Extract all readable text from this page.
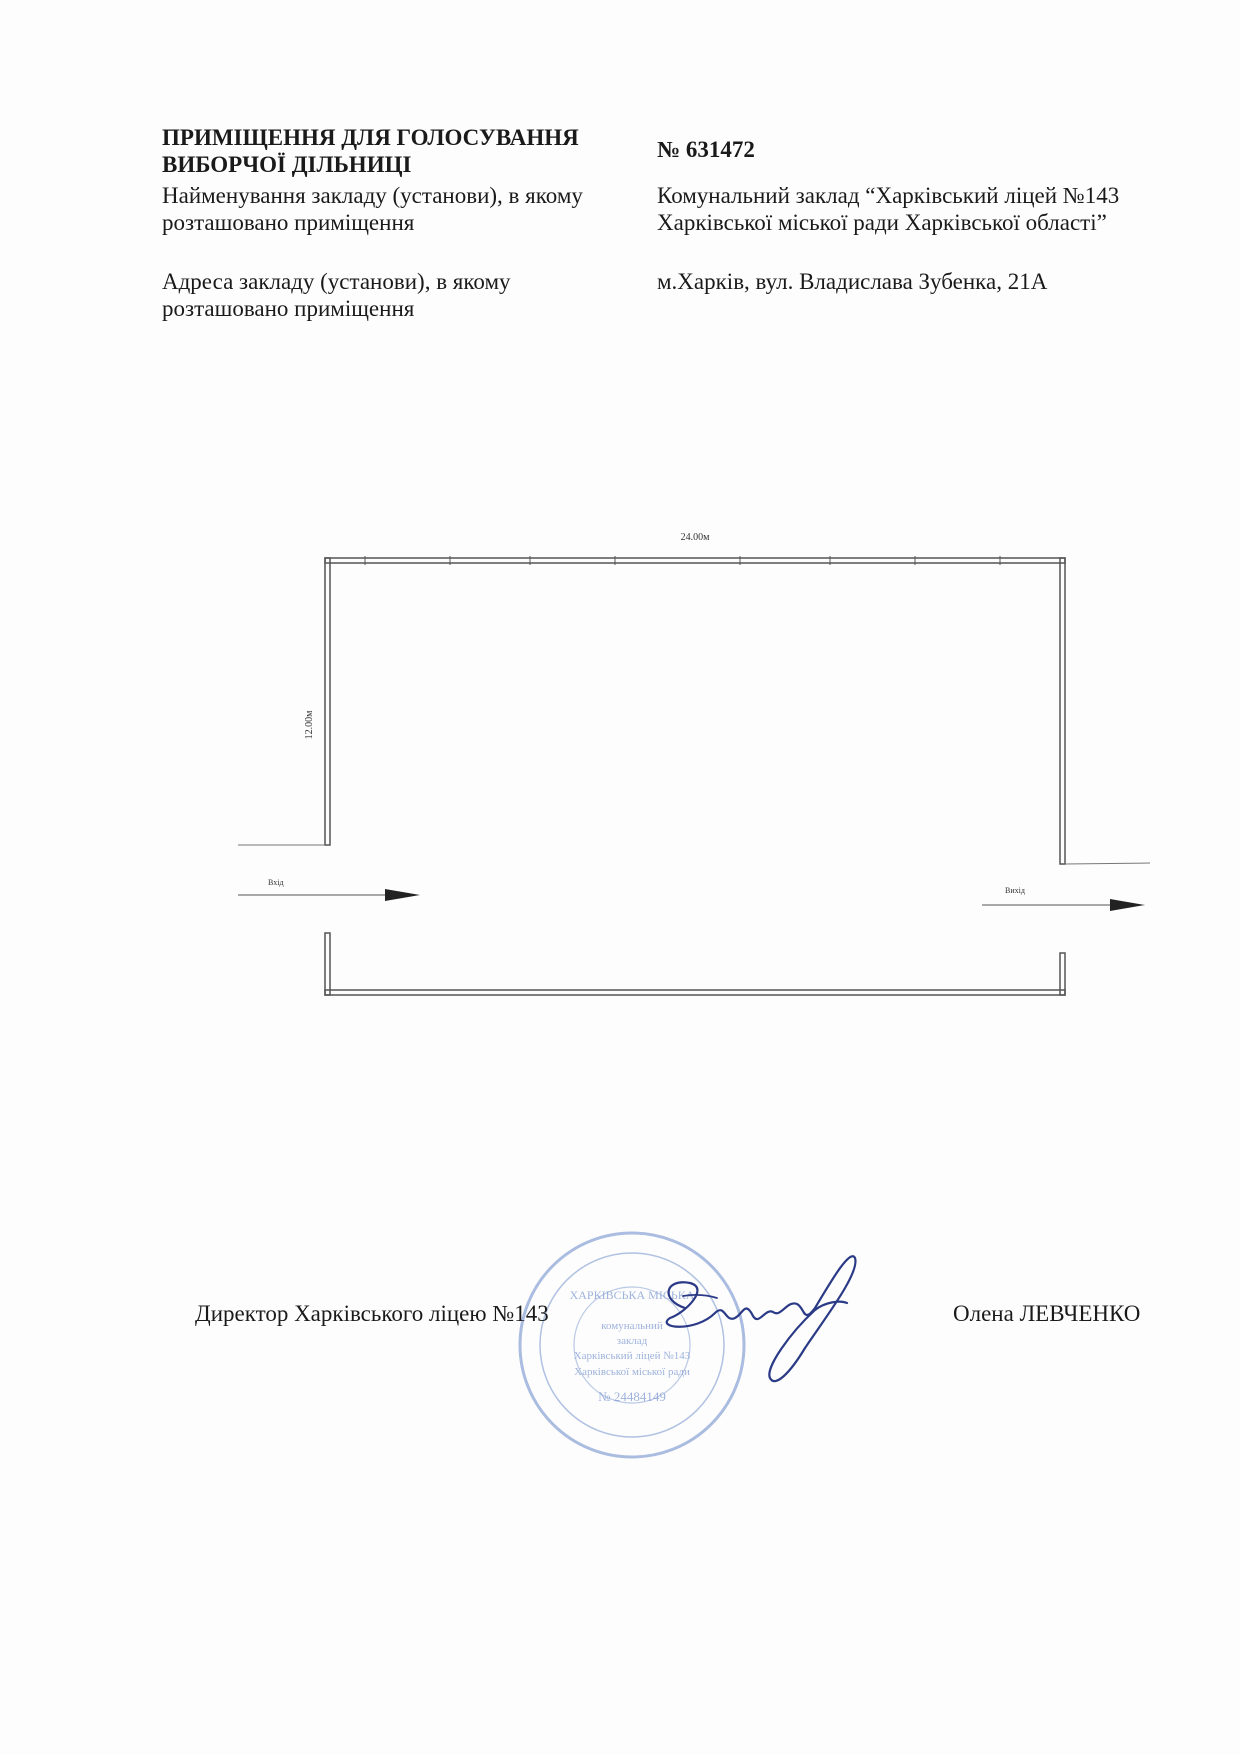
ПРИМІЩЕННЯ ДЛЯ ГОЛОСУВАННЯ ВИБОРЧОЇ ДІЛЬНИЦІ
№ 631472
Найменування закладу (установи), в якому розташовано приміщення
Комунальний заклад “Харківський ліцей №143 Харківської міської ради Харківської області”
Адреса закладу (установи), в якому розташовано приміщення
м.Харків, вул. Владислава Зубенка, 21А
24.00м
12.00м
Вхід
Вихід
ХАРКІВСЬКА МІСЬКА
комунальний
заклад
Харківський ліцей №143
Харківської міської ради
№ 24484149
Директор Харківського ліцею №143	Олена ЛЕВЧЕНКО
